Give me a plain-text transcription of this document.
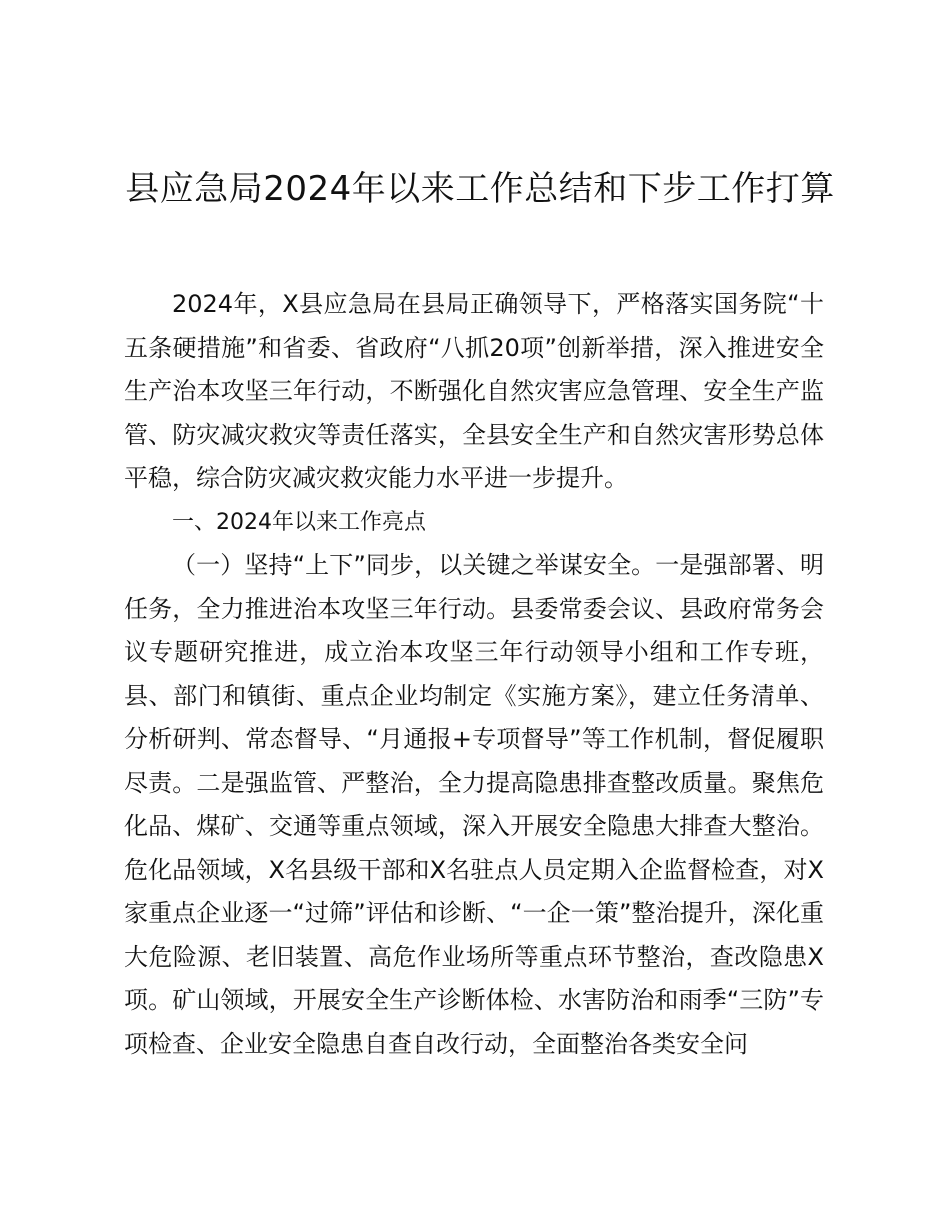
县应急局2024年以来工作总结和下步工作打算

2024年，X县应急局在县局正确领导下，严格落实国务院“十五条硬措施”和省委、省政府“八抓20项”创新举措，深入推进安全生产治本攻坚三年行动，不断强化自然灾害应急管理、安全生产监管、防灾减灾救灾等责任落实，全县安全生产和自然灾害形势总体平稳，综合防灾减灾救灾能力水平进一步提升。

一、2024年以来工作亮点

（一）坚持“上下”同步，以关键之举谋安全。一是强部署、明任务，全力推进治本攻坚三年行动。县委常委会议、县政府常务会议专题研究推进，成立治本攻坚三年行动领导小组和工作专班，县、部门和镇街、重点企业均制定《实施方案》，建立任务清单、分析研判、常态督导、“月通报+专项督导”等工作机制，督促履职尽责。二是强监管、严整治，全力提高隐患排查整改质量。聚焦危化品、煤矿、交通等重点领域，深入开展安全隐患大排查大整治。危化品领域，X名县级干部和X名驻点人员定期入企监督检查，对X家重点企业逐一“过筛”评估和诊断、“一企一策”整治提升，深化重大危险源、老旧装置、高危作业场所等重点环节整治，查改隐患X项。矿山领域，开展安全生产诊断体检、水害防治和雨季“三防”专项检查、企业安全隐患自查自改行动，全面整治各类安全问
